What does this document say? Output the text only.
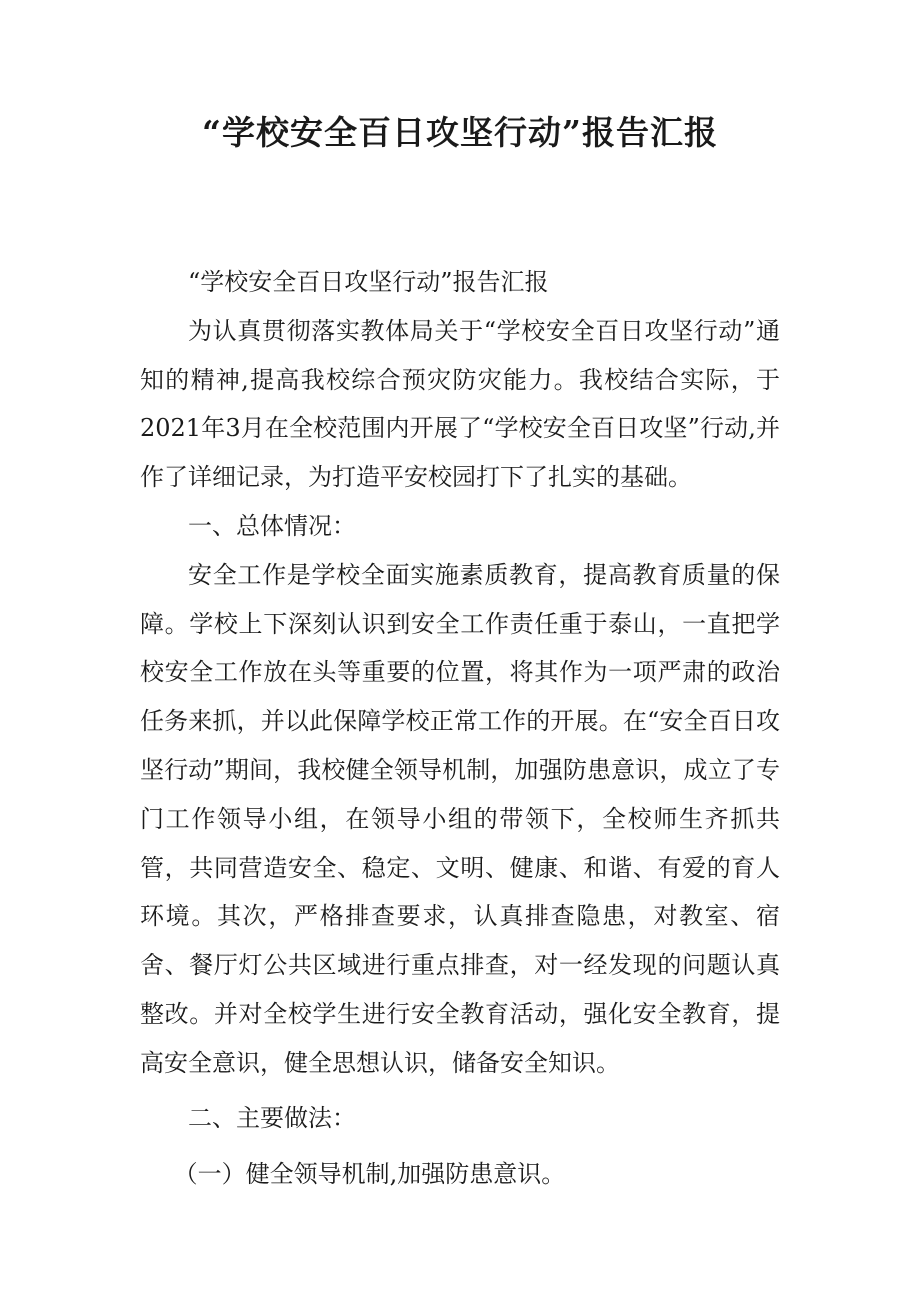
“学校安全百日攻坚行动”报告汇报

“学校安全百日攻坚行动”报告汇报

为认真贯彻落实教体局关于“学校安全百日攻坚行动”通知的精神,提高我校综合预灾防灾能力。我校结合实际，于2021年3月在全校范围内开展了“学校安全百日攻坚”行动,并作了详细记录，为打造平安校园打下了扎实的基础。

一、总体情况：

安全工作是学校全面实施素质教育，提高教育质量的保障。学校上下深刻认识到安全工作责任重于泰山，一直把学校安全工作放在头等重要的位置，将其作为一项严肃的政治任务来抓，并以此保障学校正常工作的开展。在“安全百日攻坚行动”期间，我校健全领导机制，加强防患意识，成立了专门工作领导小组，在领导小组的带领下，全校师生齐抓共管，共同营造安全、稳定、文明、健康、和谐、有爱的育人环境。其次，严格排查要求，认真排查隐患，对教室、宿舍、餐厅灯公共区域进行重点排查，对一经发现的问题认真整改。并对全校学生进行安全教育活动，强化安全教育，提高安全意识，健全思想认识，储备安全知识。

二、主要做法：

（一）健全领导机制,加强防患意识。
